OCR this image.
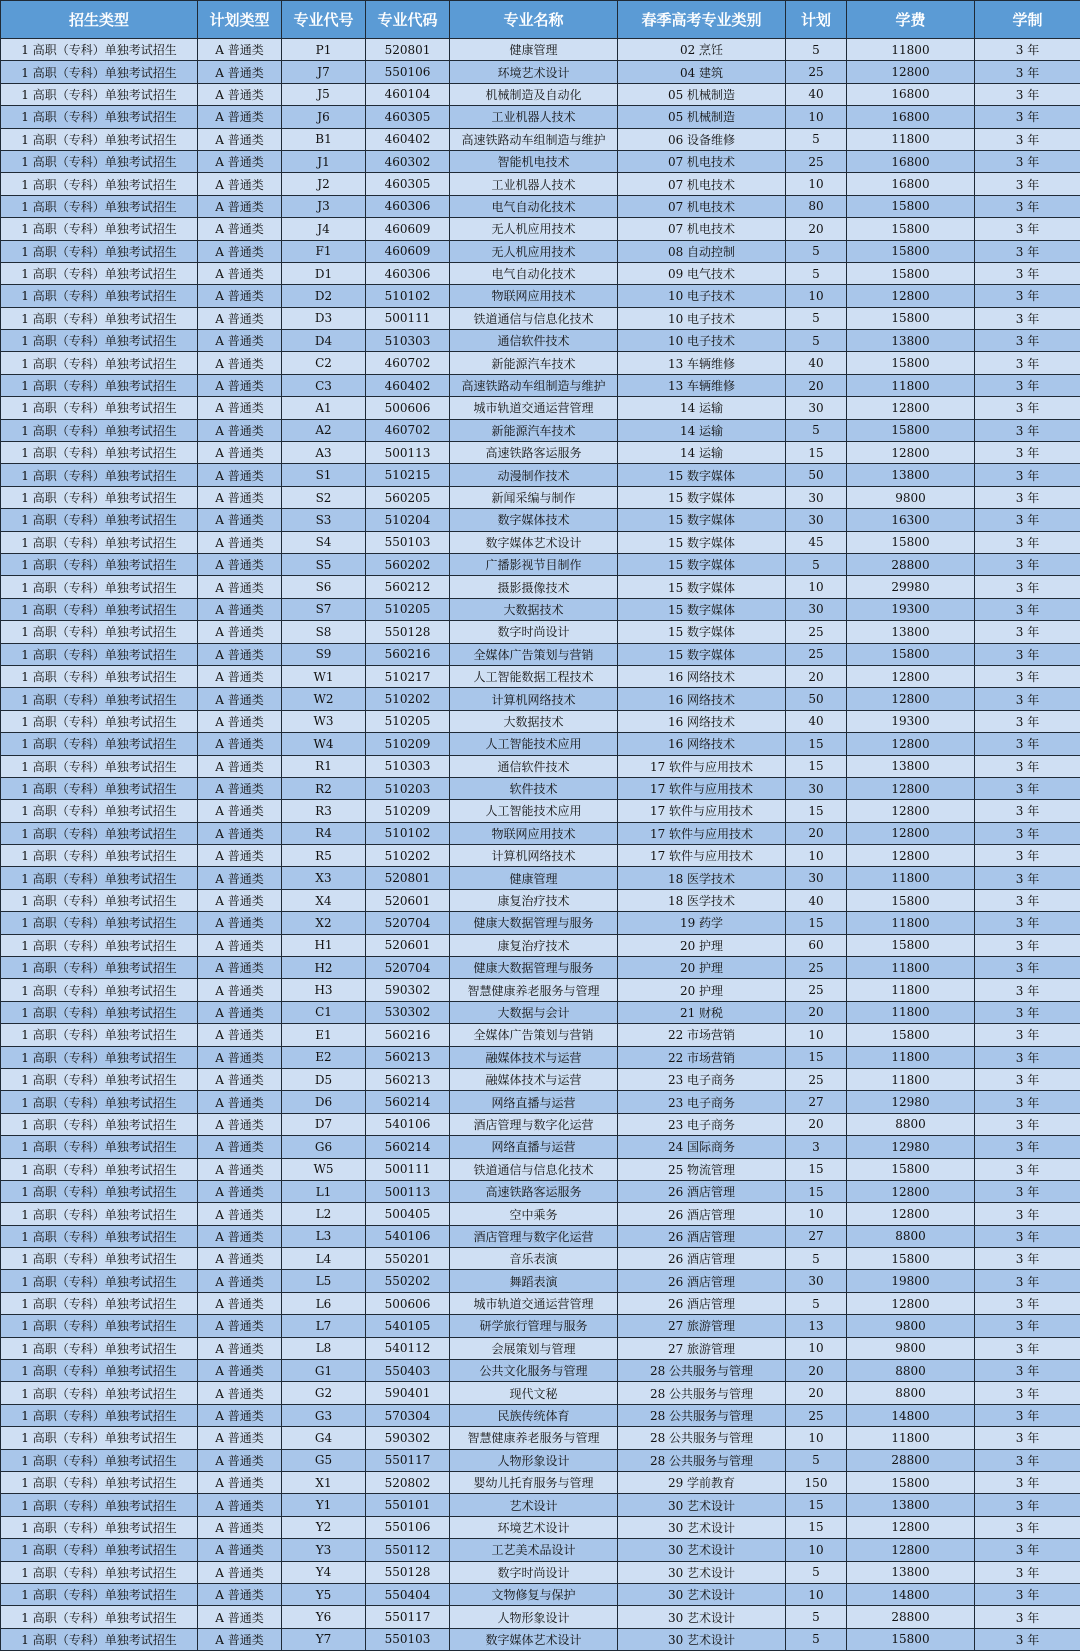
招生类型	计划类型	专业代号	专业代码	专业名称	春季高考专业类别	计划	学费	学制
1 高职（专科）单独考试招生	A 普通类	P1	520801	健康管理	02 烹饪	5	11800	3 年
1 高职（专科）单独考试招生	A 普通类	J7	550106	环境艺术设计	04 建筑	25	12800	3 年
1 高职（专科）单独考试招生	A 普通类	J5	460104	机械制造及自动化	05 机械制造	40	16800	3 年
1 高职（专科）单独考试招生	A 普通类	J6	460305	工业机器人技术	05 机械制造	10	16800	3 年
1 高职（专科）单独考试招生	A 普通类	B1	460402	高速铁路动车组制造与维护	06 设备维修	5	11800	3 年
1 高职（专科）单独考试招生	A 普通类	J1	460302	智能机电技术	07 机电技术	25	16800	3 年
1 高职（专科）单独考试招生	A 普通类	J2	460305	工业机器人技术	07 机电技术	10	16800	3 年
1 高职（专科）单独考试招生	A 普通类	J3	460306	电气自动化技术	07 机电技术	80	15800	3 年
1 高职（专科）单独考试招生	A 普通类	J4	460609	无人机应用技术	07 机电技术	20	15800	3 年
1 高职（专科）单独考试招生	A 普通类	F1	460609	无人机应用技术	08 自动控制	5	15800	3 年
1 高职（专科）单独考试招生	A 普通类	D1	460306	电气自动化技术	09 电气技术	5	15800	3 年
1 高职（专科）单独考试招生	A 普通类	D2	510102	物联网应用技术	10 电子技术	10	12800	3 年
1 高职（专科）单独考试招生	A 普通类	D3	500111	铁道通信与信息化技术	10 电子技术	5	15800	3 年
1 高职（专科）单独考试招生	A 普通类	D4	510303	通信软件技术	10 电子技术	5	13800	3 年
1 高职（专科）单独考试招生	A 普通类	C2	460702	新能源汽车技术	13 车辆维修	40	15800	3 年
1 高职（专科）单独考试招生	A 普通类	C3	460402	高速铁路动车组制造与维护	13 车辆维修	20	11800	3 年
1 高职（专科）单独考试招生	A 普通类	A1	500606	城市轨道交通运营管理	14 运输	30	12800	3 年
1 高职（专科）单独考试招生	A 普通类	A2	460702	新能源汽车技术	14 运输	5	15800	3 年
1 高职（专科）单独考试招生	A 普通类	A3	500113	高速铁路客运服务	14 运输	15	12800	3 年
1 高职（专科）单独考试招生	A 普通类	S1	510215	动漫制作技术	15 数字媒体	50	13800	3 年
1 高职（专科）单独考试招生	A 普通类	S2	560205	新闻采编与制作	15 数字媒体	30	9800	3 年
1 高职（专科）单独考试招生	A 普通类	S3	510204	数字媒体技术	15 数字媒体	30	16300	3 年
1 高职（专科）单独考试招生	A 普通类	S4	550103	数字媒体艺术设计	15 数字媒体	45	15800	3 年
1 高职（专科）单独考试招生	A 普通类	S5	560202	广播影视节目制作	15 数字媒体	5	28800	3 年
1 高职（专科）单独考试招生	A 普通类	S6	560212	摄影摄像技术	15 数字媒体	10	29980	3 年
1 高职（专科）单独考试招生	A 普通类	S7	510205	大数据技术	15 数字媒体	30	19300	3 年
1 高职（专科）单独考试招生	A 普通类	S8	550128	数字时尚设计	15 数字媒体	25	13800	3 年
1 高职（专科）单独考试招生	A 普通类	S9	560216	全媒体广告策划与营销	15 数字媒体	25	15800	3 年
1 高职（专科）单独考试招生	A 普通类	W1	510217	人工智能数据工程技术	16 网络技术	20	12800	3 年
1 高职（专科）单独考试招生	A 普通类	W2	510202	计算机网络技术	16 网络技术	50	12800	3 年
1 高职（专科）单独考试招生	A 普通类	W3	510205	大数据技术	16 网络技术	40	19300	3 年
1 高职（专科）单独考试招生	A 普通类	W4	510209	人工智能技术应用	16 网络技术	15	12800	3 年
1 高职（专科）单独考试招生	A 普通类	R1	510303	通信软件技术	17 软件与应用技术	15	13800	3 年
1 高职（专科）单独考试招生	A 普通类	R2	510203	软件技术	17 软件与应用技术	30	12800	3 年
1 高职（专科）单独考试招生	A 普通类	R3	510209	人工智能技术应用	17 软件与应用技术	15	12800	3 年
1 高职（专科）单独考试招生	A 普通类	R4	510102	物联网应用技术	17 软件与应用技术	20	12800	3 年
1 高职（专科）单独考试招生	A 普通类	R5	510202	计算机网络技术	17 软件与应用技术	10	12800	3 年
1 高职（专科）单独考试招生	A 普通类	X3	520801	健康管理	18 医学技术	30	11800	3 年
1 高职（专科）单独考试招生	A 普通类	X4	520601	康复治疗技术	18 医学技术	40	15800	3 年
1 高职（专科）单独考试招生	A 普通类	X2	520704	健康大数据管理与服务	19 药学	15	11800	3 年
1 高职（专科）单独考试招生	A 普通类	H1	520601	康复治疗技术	20 护理	60	15800	3 年
1 高职（专科）单独考试招生	A 普通类	H2	520704	健康大数据管理与服务	20 护理	25	11800	3 年
1 高职（专科）单独考试招生	A 普通类	H3	590302	智慧健康养老服务与管理	20 护理	25	11800	3 年
1 高职（专科）单独考试招生	A 普通类	C1	530302	大数据与会计	21 财税	20	11800	3 年
1 高职（专科）单独考试招生	A 普通类	E1	560216	全媒体广告策划与营销	22 市场营销	10	15800	3 年
1 高职（专科）单独考试招生	A 普通类	E2	560213	融媒体技术与运营	22 市场营销	15	11800	3 年
1 高职（专科）单独考试招生	A 普通类	D5	560213	融媒体技术与运营	23 电子商务	25	11800	3 年
1 高职（专科）单独考试招生	A 普通类	D6	560214	网络直播与运营	23 电子商务	27	12980	3 年
1 高职（专科）单独考试招生	A 普通类	D7	540106	酒店管理与数字化运营	23 电子商务	20	8800	3 年
1 高职（专科）单独考试招生	A 普通类	G6	560214	网络直播与运营	24 国际商务	3	12980	3 年
1 高职（专科）单独考试招生	A 普通类	W5	500111	铁道通信与信息化技术	25 物流管理	15	15800	3 年
1 高职（专科）单独考试招生	A 普通类	L1	500113	高速铁路客运服务	26 酒店管理	15	12800	3 年
1 高职（专科）单独考试招生	A 普通类	L2	500405	空中乘务	26 酒店管理	10	12800	3 年
1 高职（专科）单独考试招生	A 普通类	L3	540106	酒店管理与数字化运营	26 酒店管理	27	8800	3 年
1 高职（专科）单独考试招生	A 普通类	L4	550201	音乐表演	26 酒店管理	5	15800	3 年
1 高职（专科）单独考试招生	A 普通类	L5	550202	舞蹈表演	26 酒店管理	30	19800	3 年
1 高职（专科）单独考试招生	A 普通类	L6	500606	城市轨道交通运营管理	26 酒店管理	5	12800	3 年
1 高职（专科）单独考试招生	A 普通类	L7	540105	研学旅行管理与服务	27 旅游管理	13	9800	3 年
1 高职（专科）单独考试招生	A 普通类	L8	540112	会展策划与管理	27 旅游管理	10	9800	3 年
1 高职（专科）单独考试招生	A 普通类	G1	550403	公共文化服务与管理	28 公共服务与管理	20	8800	3 年
1 高职（专科）单独考试招生	A 普通类	G2	590401	现代文秘	28 公共服务与管理	20	8800	3 年
1 高职（专科）单独考试招生	A 普通类	G3	570304	民族传统体育	28 公共服务与管理	25	14800	3 年
1 高职（专科）单独考试招生	A 普通类	G4	590302	智慧健康养老服务与管理	28 公共服务与管理	10	11800	3 年
1 高职（专科）单独考试招生	A 普通类	G5	550117	人物形象设计	28 公共服务与管理	5	28800	3 年
1 高职（专科）单独考试招生	A 普通类	X1	520802	婴幼儿托育服务与管理	29 学前教育	150	15800	3 年
1 高职（专科）单独考试招生	A 普通类	Y1	550101	艺术设计	30 艺术设计	15	13800	3 年
1 高职（专科）单独考试招生	A 普通类	Y2	550106	环境艺术设计	30 艺术设计	15	12800	3 年
1 高职（专科）单独考试招生	A 普通类	Y3	550112	工艺美术品设计	30 艺术设计	10	12800	3 年
1 高职（专科）单独考试招生	A 普通类	Y4	550128	数字时尚设计	30 艺术设计	5	13800	3 年
1 高职（专科）单独考试招生	A 普通类	Y5	550404	文物修复与保护	30 艺术设计	10	14800	3 年
1 高职（专科）单独考试招生	A 普通类	Y6	550117	人物形象设计	30 艺术设计	5	28800	3 年
1 高职（专科）单独考试招生	A 普通类	Y7	550103	数字媒体艺术设计	30 艺术设计	5	15800	3 年
